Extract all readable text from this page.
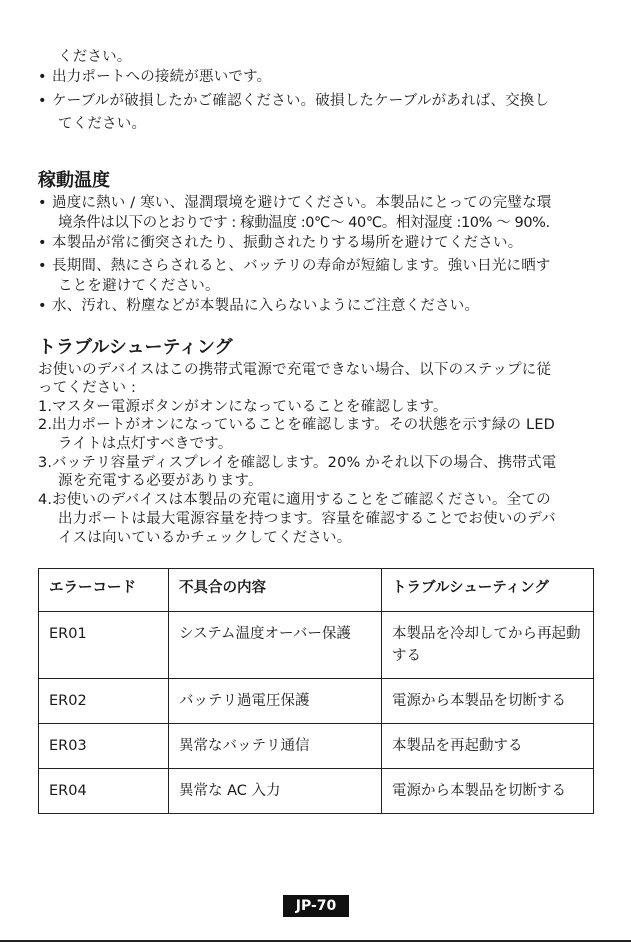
ください。
• 出力ポートへの接続が悪いです。
• ケーブルが破損したかご確認ください。破損したケーブルがあれば、交換し
てください。
稼動温度
• 過度に熱い / 寒い、湿潤環境を避けてください。本製品にとっての完璧な環
境条件は以下のとおりです : 稼動温度 :0℃～ 40℃。相対湿度 :10% ～ 90%.
• 本製品が常に衝突されたり、振動されたりする場所を避けてください。
• 長期間、熱にさらされると、バッテリの寿命が短縮します。強い日光に晒す
ことを避けてください。
• 水、汚れ、粉塵などが本製品に入らないようにご注意ください。
トラブルシューティング
お使いのデバイスはこの携帯式電源で充電できない場合、以下のステップに従
ってください :
1. マスター電源ボタンがオンになっていることを確認します。
2. 出力ポートがオンになっていることを確認します。その状態を示す緑の LED
ライトは点灯すべきです。
3. バッテリ容量ディスプレイを確認します。20% かそれ以下の場合、携帯式電
源を充電する必要があります。
4. お使いのデバイスは本製品の充電に適用することをご確認ください。全ての
出力ポートは最大電源容量を持つます。容量を確認することでお使いのデバ
イスは向いているかチェックしてください。
エラーコード	不具合の内容	トラブルシューティング
ER01	システム温度オーバー保護	本製品を冷却してから再起動する
ER02	バッテリ過電圧保護	電源から本製品を切断する
ER03	異常なバッテリ通信	本製品を再起動する
ER04	異常な AC 入力	電源から本製品を切断する
JP-70
